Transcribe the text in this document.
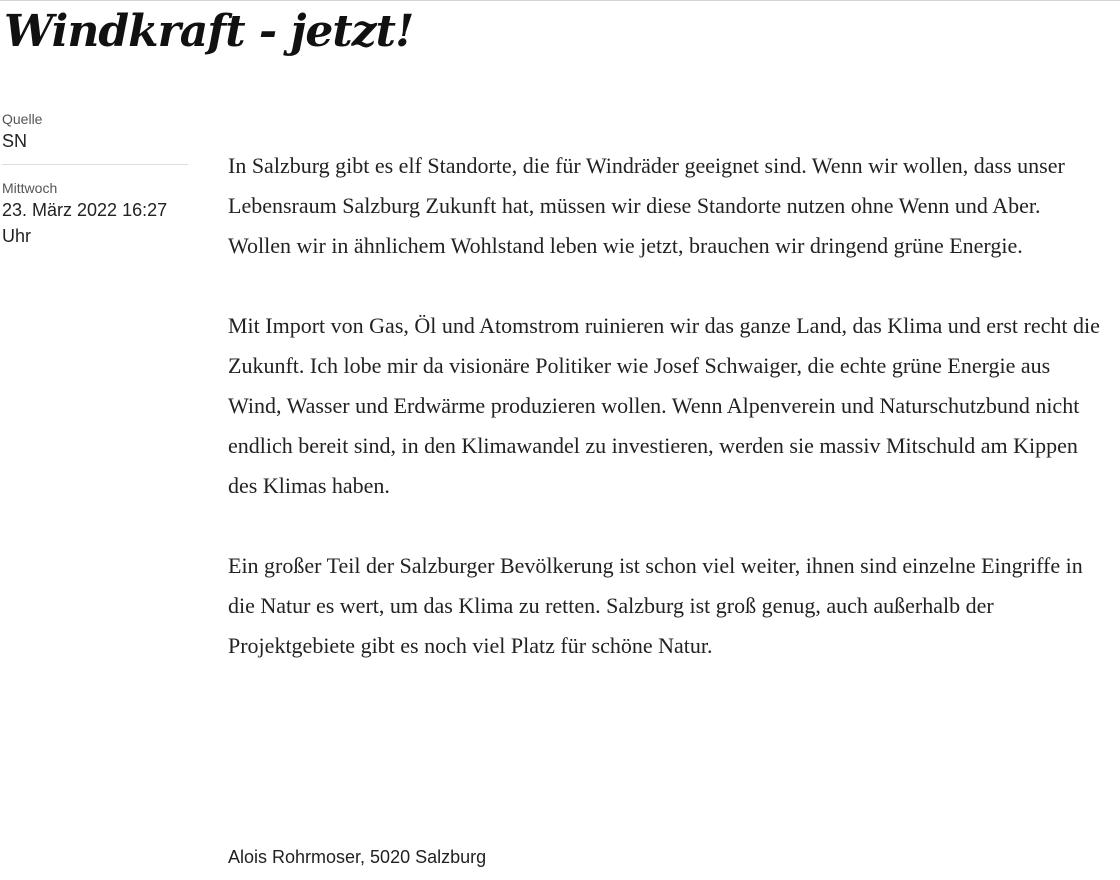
Windkraft - jetzt!
Quelle
SN
Mittwoch
23. März 2022 16:27 Uhr

In Salzburg gibt es elf Standorte, die für Windräder geeignet sind. Wenn wir wollen, dass unser Lebensraum Salzburg Zukunft hat, müssen wir diese Standorte nutzen ohne Wenn und Aber. Wollen wir in ähnlichem Wohlstand leben wie jetzt, brauchen wir dringend grüne Energie.

Mit Import von Gas, Öl und Atomstrom ruinieren wir das ganze Land, das Klima und erst recht die Zukunft. Ich lobe mir da visionäre Politiker wie Josef Schwaiger, die echte grüne Energie aus Wind, Wasser und Erdwärme produzieren wollen. Wenn Alpenverein und Naturschutzbund nicht endlich bereit sind, in den Klimawandel zu investieren, werden sie massiv Mitschuld am Kippen des Klimas haben.

Ein großer Teil der Salzburger Bevölkerung ist schon viel weiter, ihnen sind einzelne Eingriffe in die Natur es wert, um das Klima zu retten. Salzburg ist groß genug, auch außerhalb der Projektgebiete gibt es noch viel Platz für schöne Natur.

Alois Rohrmoser, 5020 Salzburg
